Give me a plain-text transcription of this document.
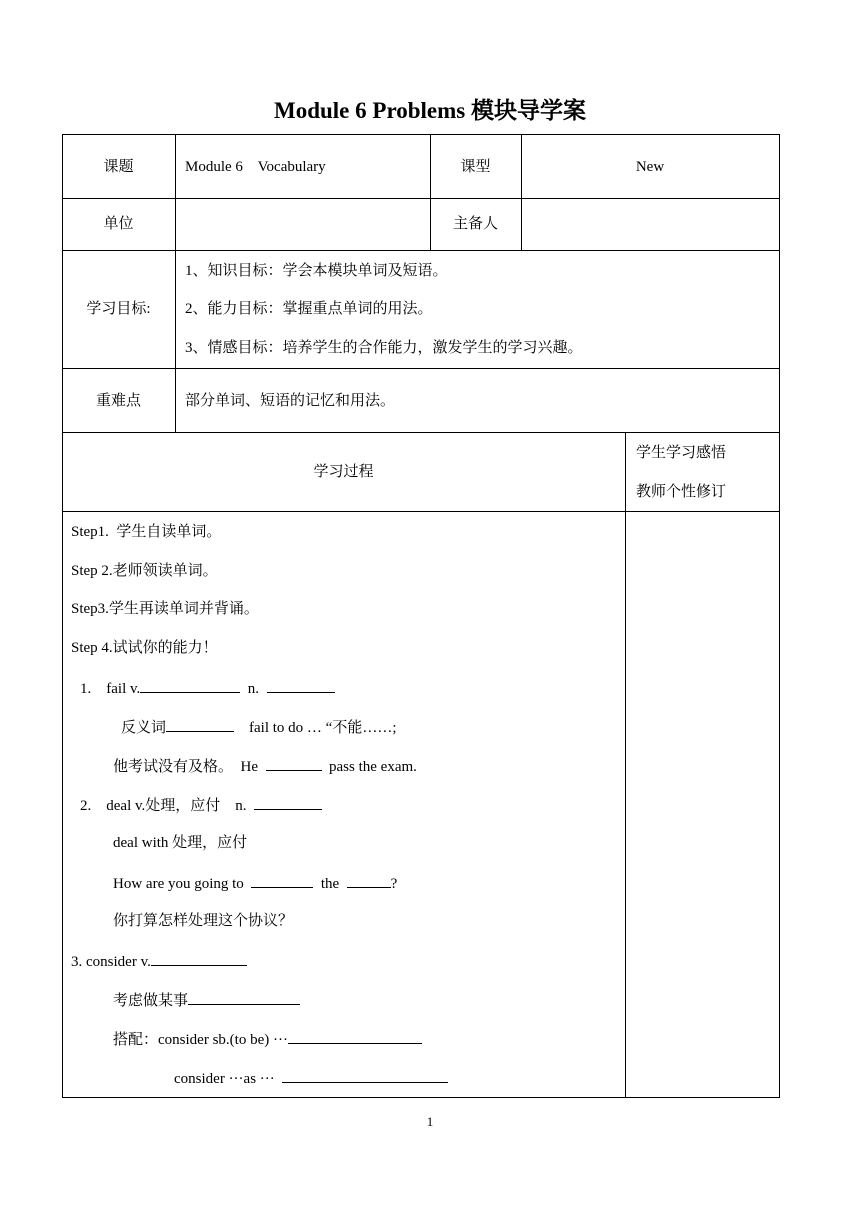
Module 6 Problems 模块导学案
课题	Module 6    Vocabulary	课型	New
单位	主备人
学习目标:
1、知识目标：学会本模块单词及短语。
2、能力目标：掌握重点单词的用法。
3、情感目标：培养学生的合作能力，激发学生的学习兴趣。
重难点	部分单词、短语的记忆和用法。
学习过程
学生学习感悟
教师个性修订
Step1.  学生自读单词。
Step 2.老师领读单词。
Step3.学生再读单词并背诵。
Step 4.试试你的能力！
1.    fail v.	n.
反义词	fail to do … “不能……;
他考试没有及格。  He	pass the exam.
2.    deal v.处理，应付    n.
deal with 处理，应付
How are you going to	the	?
你打算怎样处理这个协议？
3. consider v.
考虑做某事
搭配：consider sb.(to be) ···
consider ···as ···
1
